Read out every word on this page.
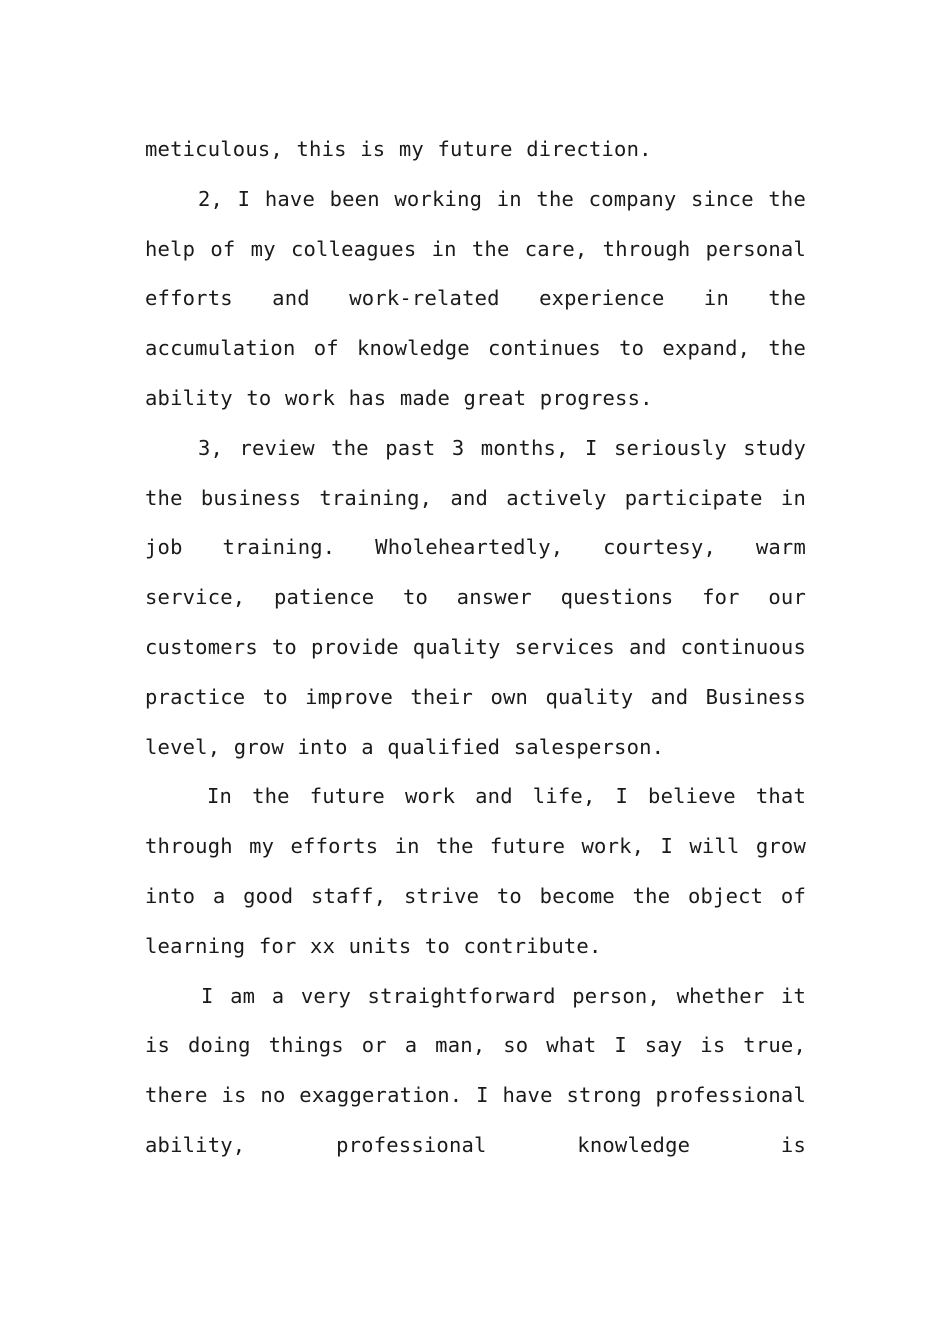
meticulous, this is my future direction.

2, I have been working in the company since the help of my colleagues in the care, through personal efforts and work-related experience in the accumulation of knowledge continues to expand, the ability to work has made great progress.

3, review the past 3 months, I seriously study the business training, and actively participate in job training. Wholeheartedly, courtesy, warm service, patience to answer questions for our customers to provide quality services and continuous practice to improve their own quality and Business level, grow into a qualified salesperson.

In the future work and life, I believe that through my efforts in the future work, I will grow into a good staff, strive to become the object of learning for xx units to contribute.

I am a very straightforward person, whether it is doing things or a man, so what I say is true, there is no exaggeration. I have strong professional ability, professional knowledge is
